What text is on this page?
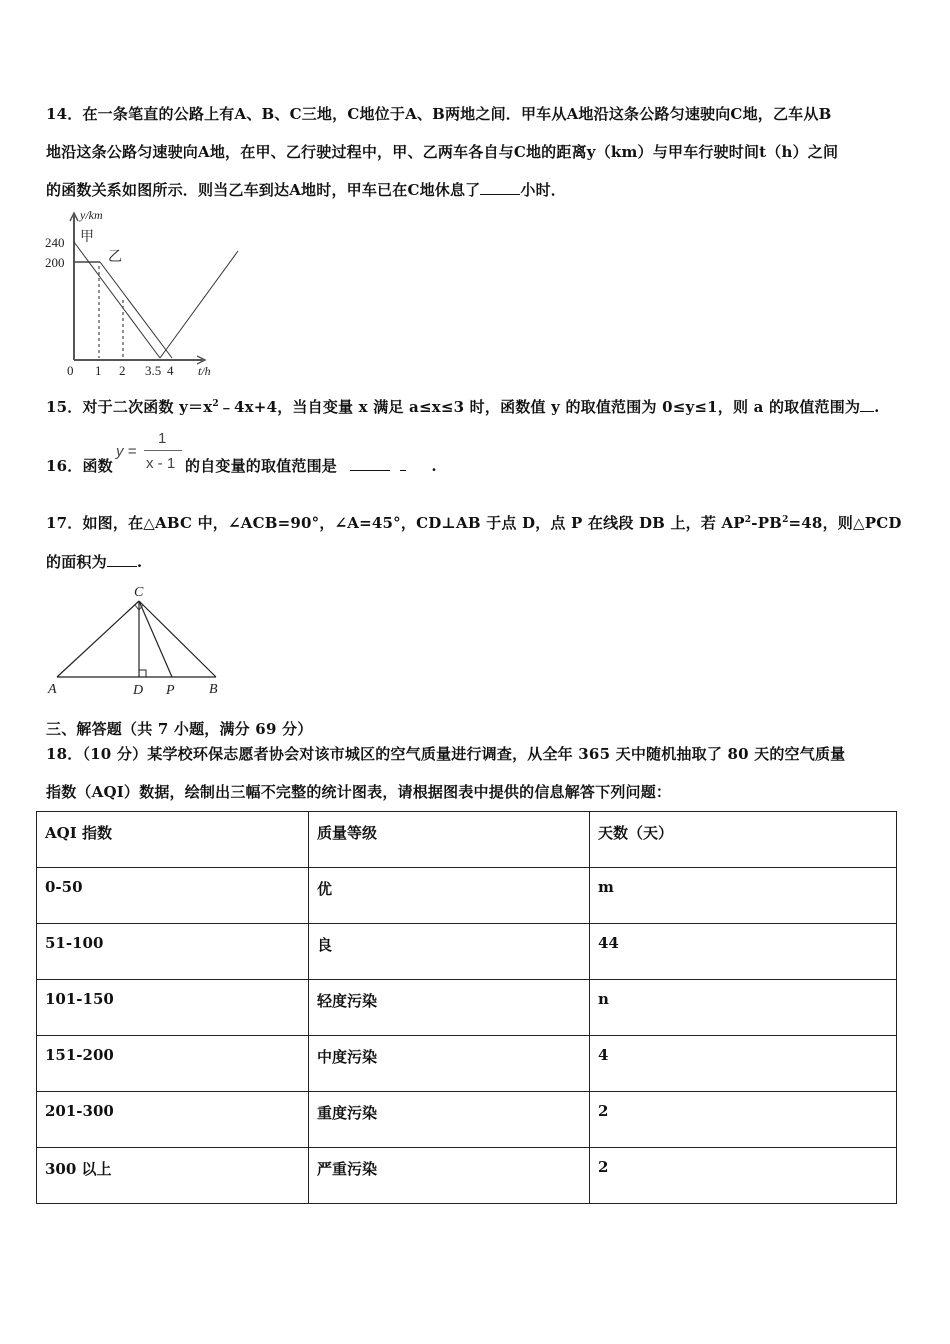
14．在一条笔直的公路上有A、B、C三地，C地位于A、B两地之间．甲车从A地沿这条公路匀速驶向C地，乙车从B
地沿这条公路匀速驶向A地，在甲、乙行驶过程中，甲、乙两车各自与C地的距离y（km）与甲车行驶时间t（h）之间
的函数关系如图所示．则当乙车到达A地时，甲车已在C地休息了	小时．
y/km
甲
乙
240
200
0 1 2 3.5 4 t/h
15．对于二次函数 $y=x^2﹣4x+4$，当自变量 x 满足 a≤x≤3 时，函数值 y 的取值范围为 0≤y≤1，则 a 的取值范围为 .
16．函数
y =
1
x - 1 的自变量的取值范围是	.
17．如图，在△ABC 中，∠ACB=90°，∠A=45°，CD⊥AB 于点 D，点 P 在线段 DB 上，若 $AP^2-PB^2=48$，则△PCD
的面积为 .
C
A	D P B
三、解答题（共 7 小题，满分 69 分）
18．（10 分）某学校环保志愿者协会对该市城区的空气质量进行调查，从全年 365 天中随机抽取了 80 天的空气质量
指数（AQI）数据，绘制出三幅不完整的统计图表，请根据图表中提供的信息解答下列问题：
AQI 指数	质量等级	天数（天）
0-50	优	m
51-100	良	44
101-150	轻度污染	n
151-200	中度污染	4
201-300	重度污染	2
300 以上	严重污染	2
